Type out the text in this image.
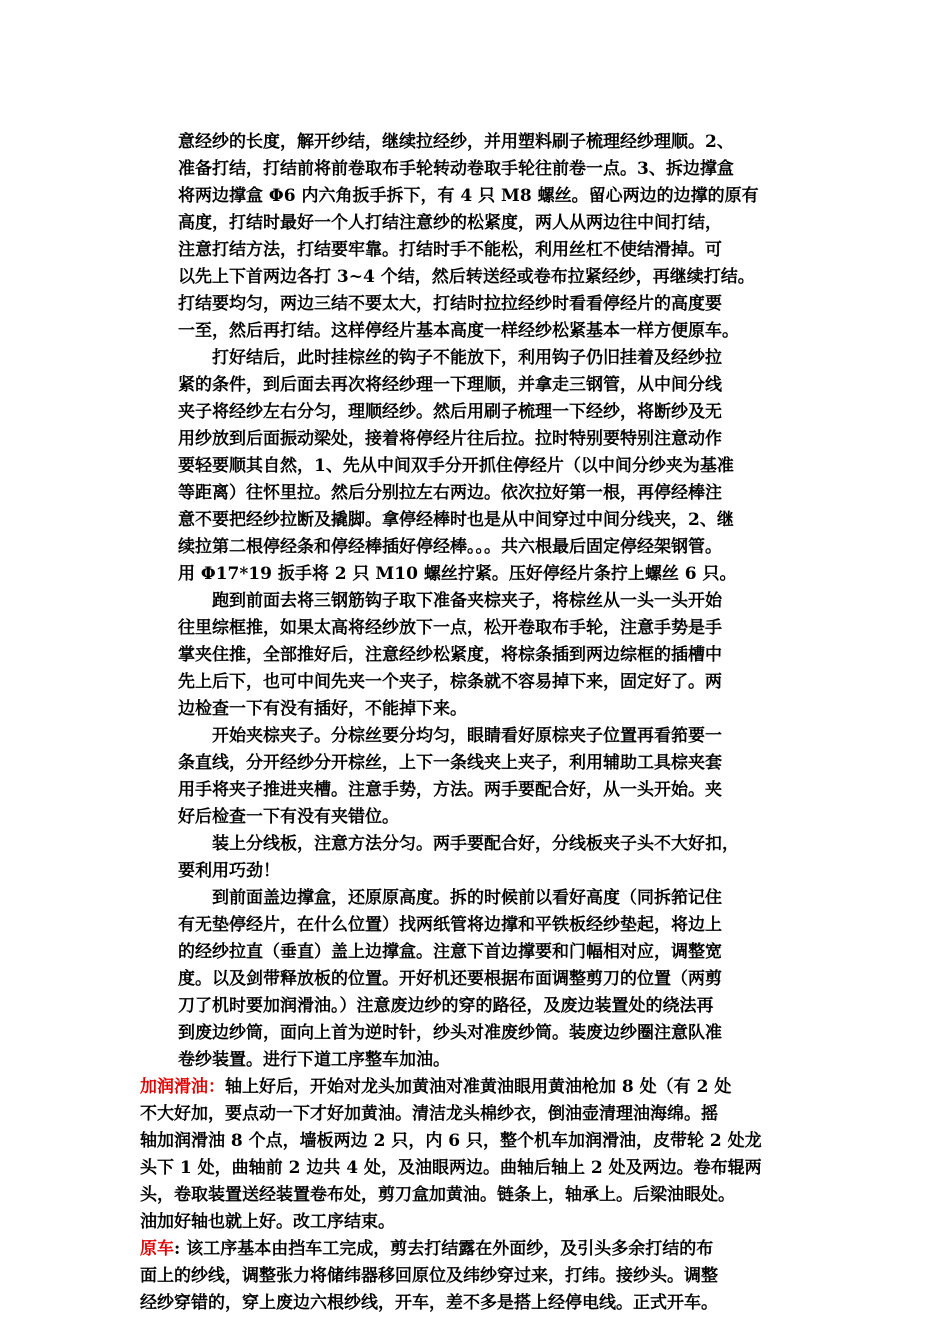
意经纱的长度，解开纱结，继续拉经纱，并用塑料刷子梳理经纱理顺。2、
准备打结，打结前将前卷取布手轮转动卷取手轮往前卷一点。3、拆边撑盒
将两边撑盒 Φ6 内六角扳手拆下，有 4 只 M8 螺丝。留心两边的边撑的原有
高度，打结时最好一个人打结注意纱的松紧度，两人从两边往中间打结，
注意打结方法，打结要牢靠。打结时手不能松，利用丝杠不使结滑掉。可
以先上下首两边各打 3~4 个结，然后转送经或卷布拉紧经纱，再继续打结。
打结要均匀，两边三结不要太大，打结时拉拉经纱时看看停经片的高度要
一至，然后再打结。这样停经片基本高度一样经纱松紧基本一样方便原车。
打好结后，此时挂棕丝的钩子不能放下，利用钩子仍旧挂着及经纱拉
紧的条件，到后面去再次将经纱理一下理顺，并拿走三钢管，从中间分线
夹子将经纱左右分匀，理顺经纱。然后用刷子梳理一下经纱，将断纱及无
用纱放到后面振动梁处，接着将停经片往后拉。拉时特别要特别注意动作
要轻要顺其自然，1、先从中间双手分开抓住停经片（以中间分纱夹为基准
等距离）往怀里拉。然后分别拉左右两边。依次拉好第一根，再停经棒注
意不要把经纱拉断及撬脚。拿停经棒时也是从中间穿过中间分线夹，2、继
续拉第二根停经条和停经棒插好停经棒。。。共六根最后固定停经架钢管。
用 Φ17*19 扳手将 2 只 M10 螺丝拧紧。压好停经片条拧上螺丝 6 只。
跑到前面去将三钢筋钩子取下准备夹棕夹子，将棕丝从一头一头开始
往里综框推，如果太高将经纱放下一点，松开卷取布手轮，注意手势是手
掌夹住推，全部推好后，注意经纱松紧度，将棕条插到两边综框的插槽中
先上后下，也可中间先夹一个夹子，棕条就不容易掉下来，固定好了。两
边检查一下有没有插好，不能掉下来。
开始夹棕夹子。分棕丝要分均匀，眼睛看好原棕夹子位置再看筘要一
条直线，分开经纱分开棕丝，上下一条线夹上夹子，利用辅助工具棕夹套
用手将夹子推进夹槽。注意手势，方法。两手要配合好，从一头开始。夹
好后检查一下有没有夹错位。
装上分线板，注意方法分匀。两手要配合好，分线板夹子头不大好扣，
要利用巧劲！
到前面盖边撑盒，还原原高度。拆的时候前以看好高度（同拆筘记住
有无垫停经片，在什么位置）找两纸管将边撑和平铁板经纱垫起，将边上
的经纱拉直（垂直）盖上边撑盒。注意下首边撑要和门幅相对应，调整宽
度。以及剑带释放板的位置。开好机还要根据布面调整剪刀的位置（两剪
刀了机时要加润滑油。）注意废边纱的穿的路径，及废边装置处的绕法再
到废边纱筒，面向上首为逆时针，纱头对准废纱筒。装废边纱圈注意队准
卷纱装置。进行下道工序整车加油。
加润滑油：轴上好后，开始对龙头加黄油对准黄油眼用黄油枪加 8 处（有 2 处
不大好加，要点动一下才好加黄油。清洁龙头棉纱衣，倒油壶清理油海绵。摇
轴加润滑油 8 个点，墙板两边 2 只，内 6 只，整个机车加润滑油，皮带轮 2 处龙
头下 1 处，曲轴前 2 边共 4 处，及油眼两边。曲轴后轴上 2 处及两边。卷布辊两
头，卷取装置送经装置卷布处，剪刀盒加黄油。链条上，轴承上。后梁油眼处。
油加好轴也就上好。改工序结束。
原车: 该工序基本由挡车工完成，剪去打结露在外面纱，及引头多余打结的布
面上的纱线，调整张力将储纬器移回原位及纬纱穿过来，打纬。接纱头。调整
经纱穿错的，穿上废边六根纱线，开车，差不多是搭上经停电线。正式开车。
